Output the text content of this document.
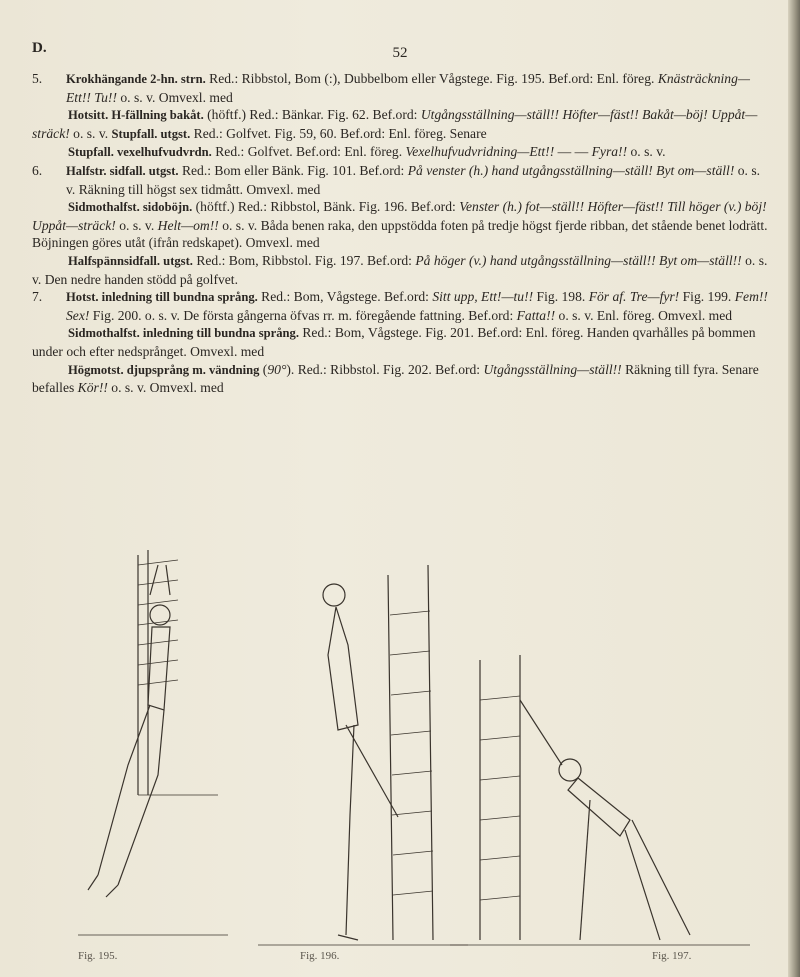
D.	52

5. Krokhängande 2-hn. strn. Red.: Ribbstol, Bom (:), Dubbelbom eller Vågstege. Fig. 195. Bef.ord: Enl. föreg. Knästräckning—Ett!! Tu!! o. s. v. Omvexl. med

Hotsitt. H-fällning bakåt. (höftf.) Red.: Bänkar. Fig. 62. Bef.ord: Utgångsställning—ställ!! Höfter—fäst!! Bakåt—böj! Uppåt—sträck! o. s. v. Stupfall. utgst. Red.: Golfvet. Fig. 59, 60. Bef.ord: Enl. föreg. Senare

Stupfall. vexelhufvudvrdn. Red.: Golfvet. Bef.ord: Enl. föreg. Vexelhufvudvridning—Ett!! — — Fyra!! o. s. v.

6. Halfstr. sidfall. utgst. Red.: Bom eller Bänk. Fig. 101. Bef.ord: På venster (h.) hand utgångsställning—ställ! Byt om—ställ! o. s. v. Räkning till högst sex tidmått. Omvexl. med

Sidmothalfst. sidoböjn. (höftf.) Red.: Ribbstol, Bänk. Fig. 196. Bef.ord: Venster (h.) fot—ställ!! Höfter—fäst!! Till höger (v.) böj! Uppåt—sträck! o. s. v. Helt—om!! o. s. v. Båda benen raka, den uppstödda foten på tredje högst fjerde ribban, det stående benet lodrätt. Böjningen göres utåt (ifrån redskapet). Omvexl. med

Halfspännsidfall. utgst. Red.: Bom, Ribbstol. Fig. 197. Bef.ord: På höger (v.) hand utgångsställning—ställ!! Byt om—ställ!! o. s. v. Den nedre handen stödd på golfvet.

7. Hotst. inledning till bundna språng. Red.: Bom, Vågstege. Bef.ord: Sitt upp, Ett!—tu!! Fig. 198. För af. Tre—fyr! Fig. 199. Fem!! Sex! Fig. 200. o. s. v. De första gångerna öfvas rr. m. föregående fattning. Bef.ord: Fatta!! o. s. v. Enl. föreg. Omvexl. med

Sidmothalfst. inledning till bundna språng. Red.: Bom, Vågstege. Fig. 201. Bef.ord: Enl. föreg. Handen qvarhålles på bommen under och efter nedsprånget. Omvexl. med

Högmotst. djupsprång m. vändning (90°). Red.: Ribbstol. Fig. 202. Bef.ord: Utgångsställning—ställ!! Räkning till fyra. Senare befalles Kör!! o. s. v. Omvexl. med

Fig. 195.	Fig. 196.	Fig. 197.
